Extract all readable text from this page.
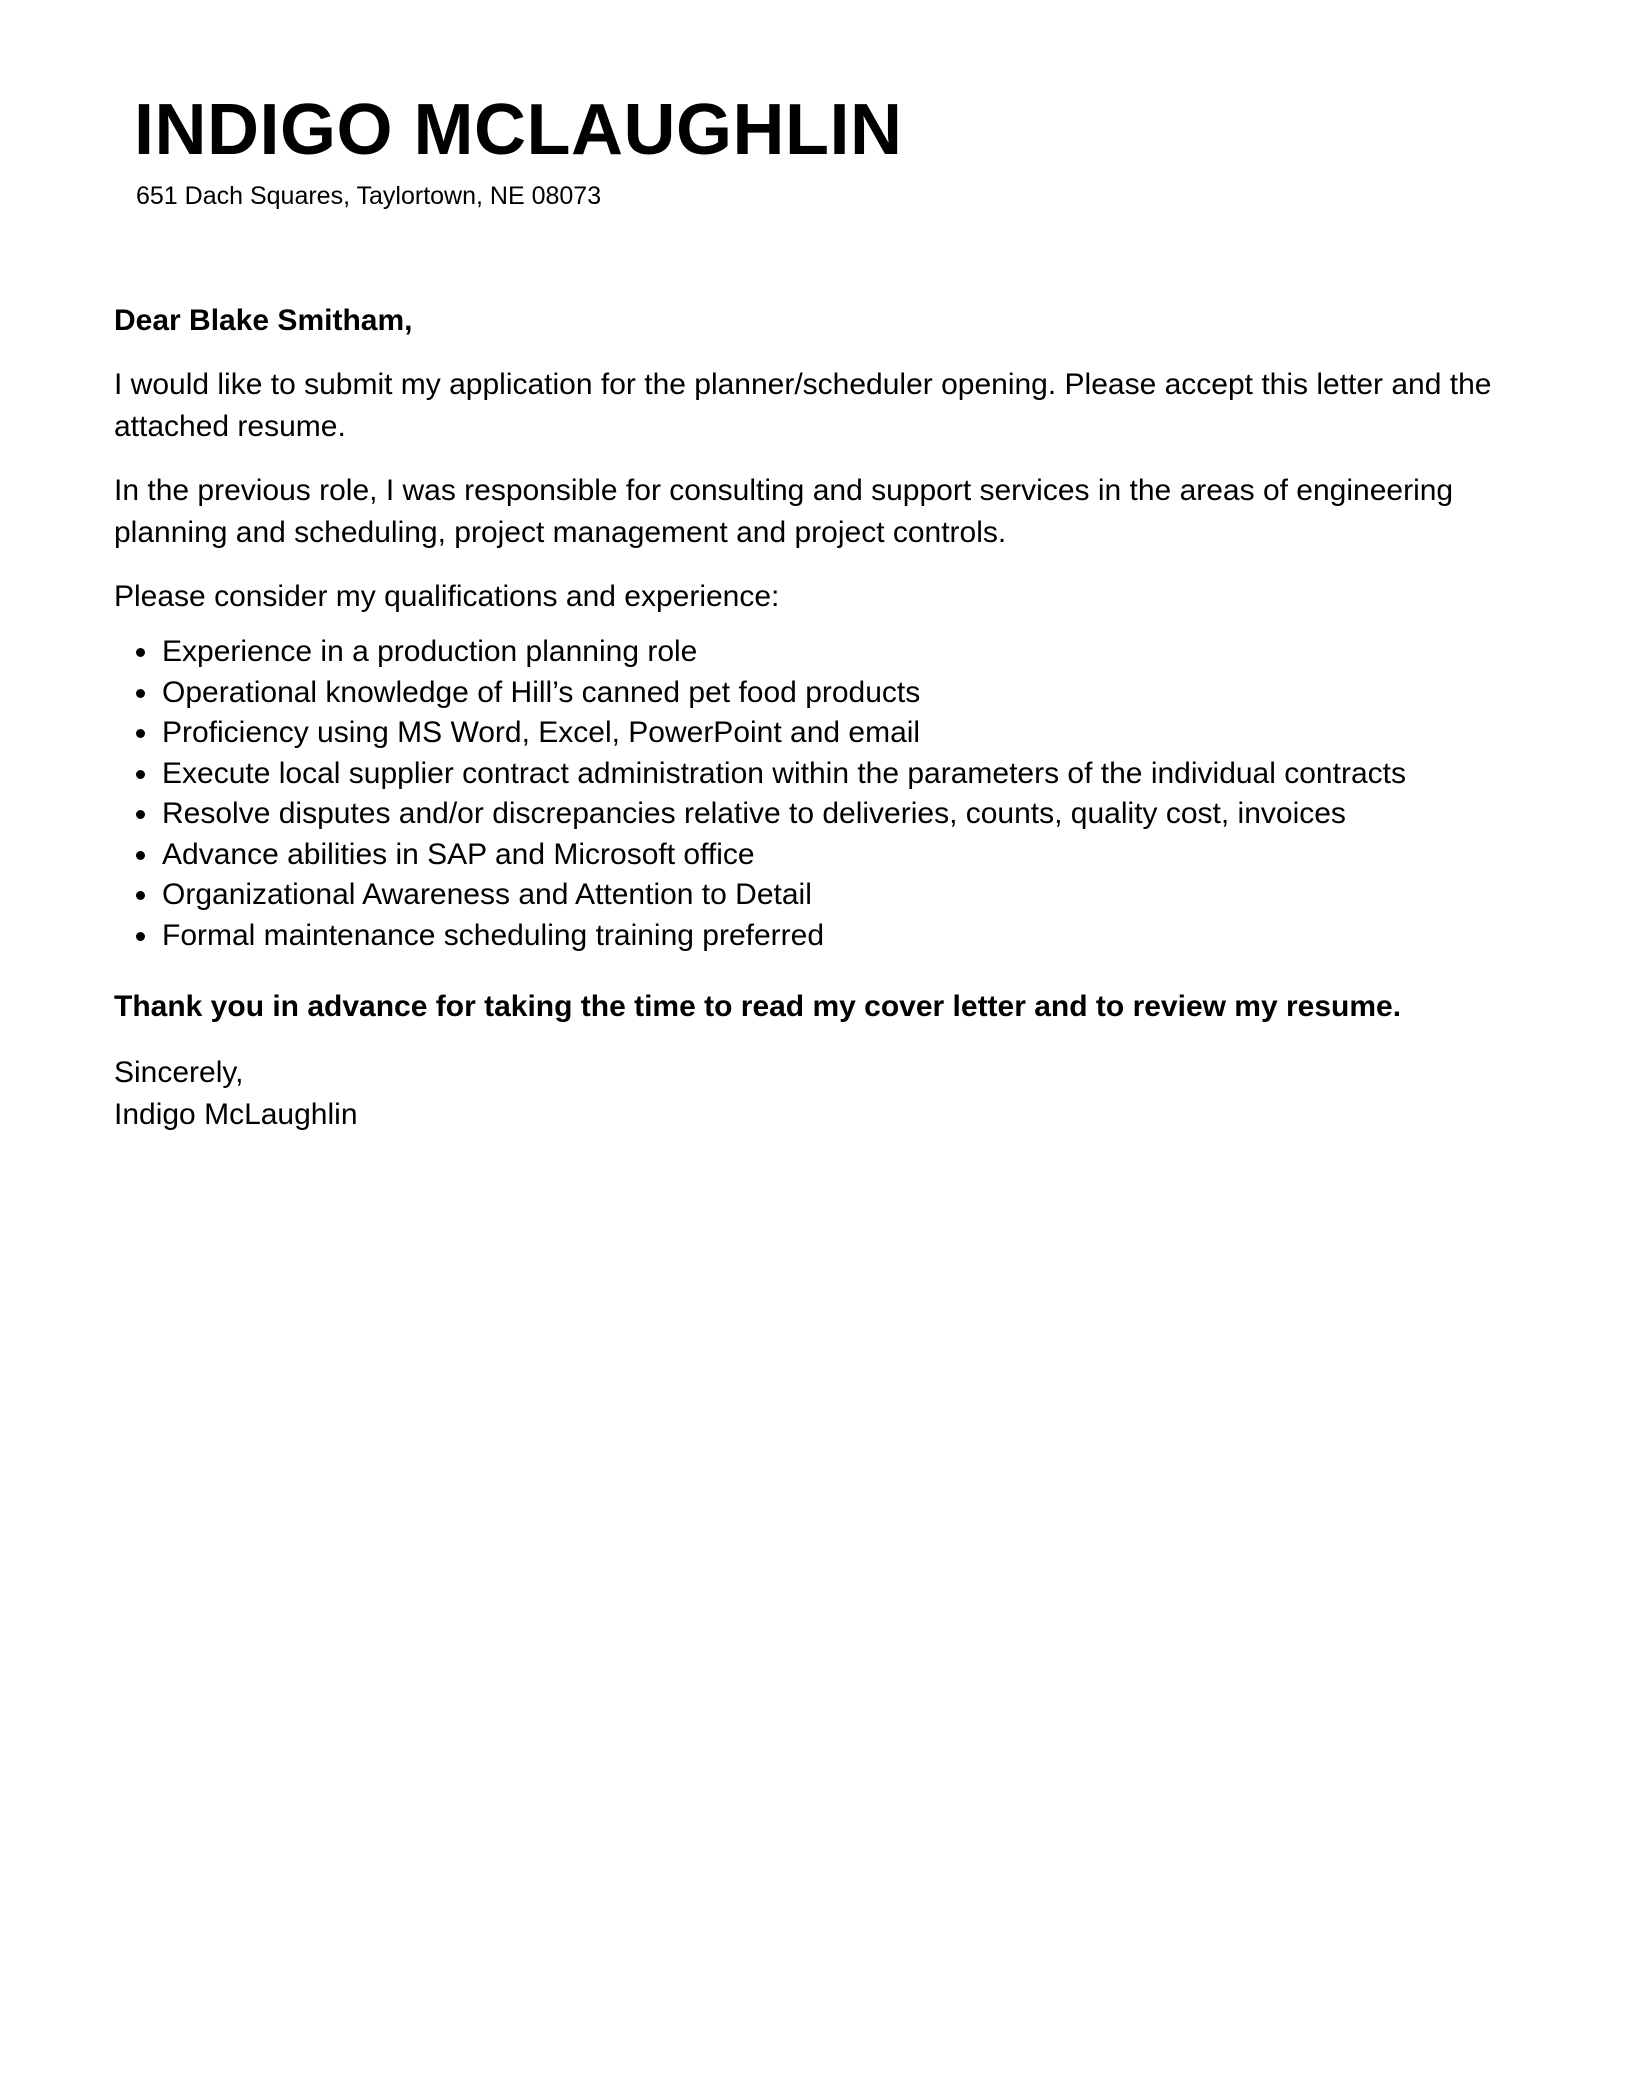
INDIGO MCLAUGHLIN
651 Dach Squares, Taylortown, NE 08073

Dear Blake Smitham,

I would like to submit my application for the planner/scheduler opening. Please accept this letter and the attached resume.

In the previous role, I was responsible for consulting and support services in the areas of engineering planning and scheduling, project management and project controls.

Please consider my qualifications and experience:

Experience in a production planning role
Operational knowledge of Hill’s canned pet food products
Proficiency using MS Word, Excel, PowerPoint and email
Execute local supplier contract administration within the parameters of the individual contracts
Resolve disputes and/or discrepancies relative to deliveries, counts, quality cost, invoices
Advance abilities in SAP and Microsoft office
Organizational Awareness and Attention to Detail
Formal maintenance scheduling training preferred

Thank you in advance for taking the time to read my cover letter and to review my resume.

Sincerely,

Indigo McLaughlin
